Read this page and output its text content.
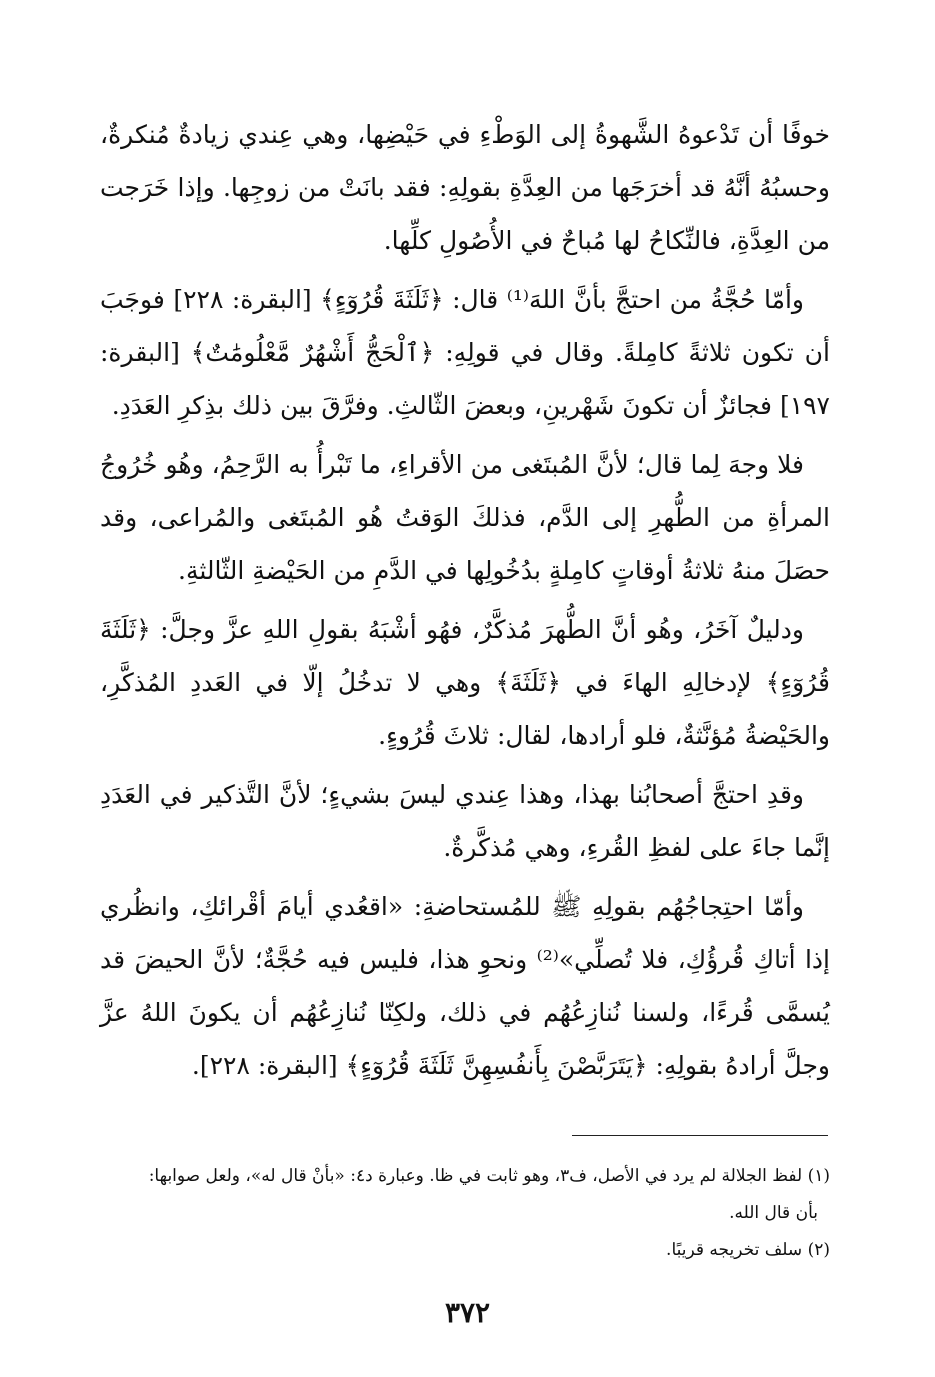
خوفًا أن تَدْعوهُ الشَّهوةُ إلى الوَطْءِ في حَيْضِها، وهي عِندي زيادةٌ مُنكرةٌ، وحسبُهُ أنَّهُ قد أخرَجَها من العِدَّةِ بقولِهِ: فقد بانَتْ من زوجِها. وإذا خَرَجت من العِدَّةِ، فالنِّكاحُ لها مُباحٌ في الأُصُولِ كلِّها.

وأمّا حُجَّةُ من احتجَّ بأنَّ اللهَ⁽¹⁾ قال: ﴿ثَلَثَةَ قُرُوٓءٍ﴾ [البقرة: ٢٢٨] فوجَبَ أن تكون ثلاثةً كامِلةً. وقال في قولِهِ: ﴿ٱلْحَجُّ أَشْهُرٌ مَّعْلُومَٰتٌ﴾ [البقرة: ١٩٧] فجائزٌ أن تكونَ شَهْرينِ، وبعضَ الثّالثِ. وفرَّقَ بين ذلك بذِكرِ العَدَدِ.

فلا وجهَ لِما قال؛ لأنَّ المُبتَغى من الأقراءِ، ما تَبْرأُ به الرَّحِمُ، وهُو خُرُوجُ المرأةِ من الطُّهرِ إلى الدَّم، فذلكَ الوَقتُ هُو المُبتَغى والمُراعى، وقد حصَلَ منهُ ثلاثةُ أوقاتٍ كامِلةٍ بدُخُولِها في الدَّمِ من الحَيْضةِ الثّالثةِ.

ودليلٌ آخَرُ، وهُو أنَّ الطُّهرَ مُذكَّرٌ، فهُو أشْبَهُ بقولِ اللهِ عزَّ وجلَّ: ﴿ثَلَثَةَ قُرُوٓءٍ﴾ لإدخالِهِ الهاءَ في ﴿ثَلَثَةَ﴾ وهي لا تدخُلُ إلّا في العَددِ المُذكَّرِ، والحَيْضةُ مُؤنَّثةٌ، فلو أرادها، لقال: ثلاثَ قُرُوءٍ.

وقدِ احتجَّ أصحابُنا بهذا، وهذا عِندي ليسَ بشيءٍ؛ لأنَّ التَّذكير في العَدَدِ إنَّما جاءَ على لفظِ القُرءِ، وهي مُذكَّرةٌ.

وأمّا احتِجاجُهُم بقولِهِ ﷺ للمُستحاضةِ: «اقعُدي أيامَ أقْرائكِ، وانظُري إذا أتاكِ قُرؤُكِ، فلا تُصلِّي»⁽²⁾ ونحوِ هذا، فليس فيه حُجَّةٌ؛ لأنَّ الحيضَ قد يُسمَّى قُرءًا، ولسنا نُنازِعُهُم في ذلك، ولكِنّا نُنازِعُهُم أن يكونَ اللهُ عزَّ وجلَّ أرادهُ بقولِهِ: ﴿يَتَرَبَّصْنَ بِأَنفُسِهِنَّ ثَلَثَةَ قُرُوٓءٍ﴾ [البقرة: ٢٢٨].

(١) لفظ الجلالة لم يرد في الأصل، ف٣، وهو ثابت في ظا. وعبارة د٤: «بأنْ قال له»، ولعل صوابها:
بأن قال الله.

(٢) سلف تخريجه قريبًا.

٣٧٢
